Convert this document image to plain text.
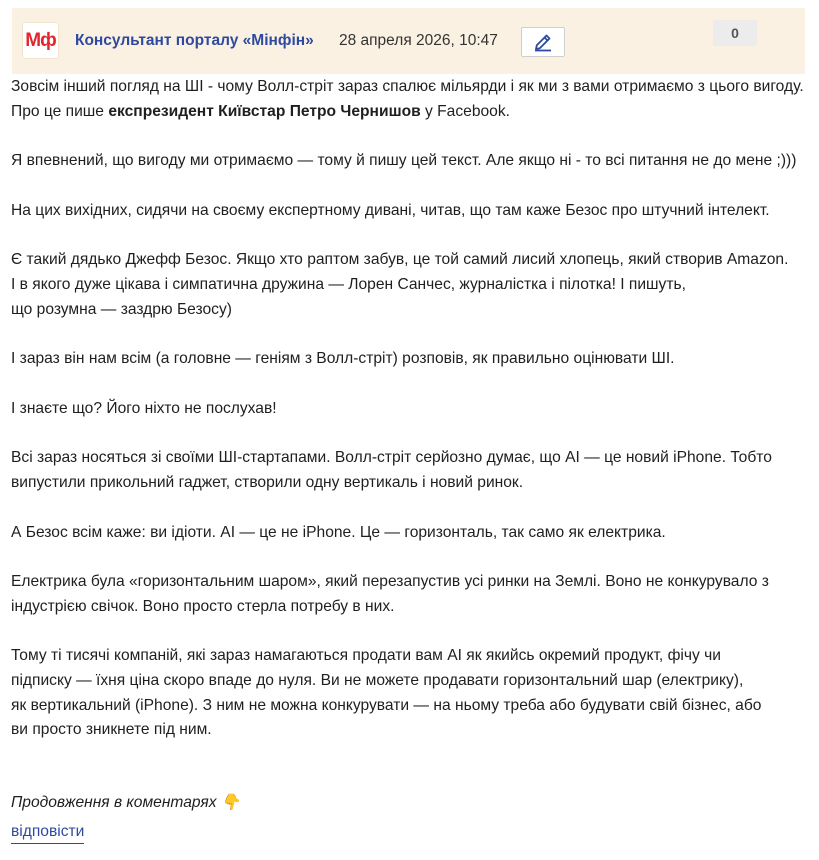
Мф Консультант порталу «Мінфін» 28 апреля 2026, 10:47	0

Зовсім інший погляд на ШІ - чому Волл-стріт зараз спалює мільярди і як ми з вами отримаємо з цього вигоду. Про це пише експрезидент Київстар Петро Чернишов у Facebook.

Я впевнений, що вигоду ми отримаємо — тому й пишу цей текст. Але якщо ні - то всі питання не до мене ;)))

На цих вихідних, сидячи на своєму експертному дивані, читав, що там каже Безос про штучний інтелект.

Є такий дядько Джефф Безос. Якщо хто раптом забув, це той самий лисий хлопець, який створив Amazon.
І в якого дуже цікава і симпатична дружина — Лорен Санчес, журналістка і пілотка! І пишуть,
що розумна — заздрю Безосу)

І зараз він нам всім (а головне — геніям з Волл-стріт) розповів, як правильно оцінювати ШІ.

І знаєте що? Його ніхто не послухав!

Всі зараз носяться зі своїми ШІ-стартапами. Волл-стріт серйозно думає, що AI — це новий iPhone. Тобто випустили прикольний гаджет, створили одну вертикаль і новий ринок.

А Безос всім каже: ви ідіоти. AI — це не iPhone. Це — горизонталь, так само як електрика.

Електрика була «горизонтальним шаром», який перезапустив усі ринки на Землі. Воно не конкурувало з індустрією свічок. Воно просто стерла потребу в них.

Тому ті тисячі компаній, які зараз намагаються продати вам AI як якийсь окремий продукт, фічу чи
підписку — їхня ціна скоро впаде до нуля. Ви не можете продавати горизонтальний шар (електрику),
як вертикальний (iPhone). З ним не можна конкурувати — на ньому треба або будувати свій бізнес, або
ви просто зникнете під ним.

Продовження в коментарях 👇
відповісти
